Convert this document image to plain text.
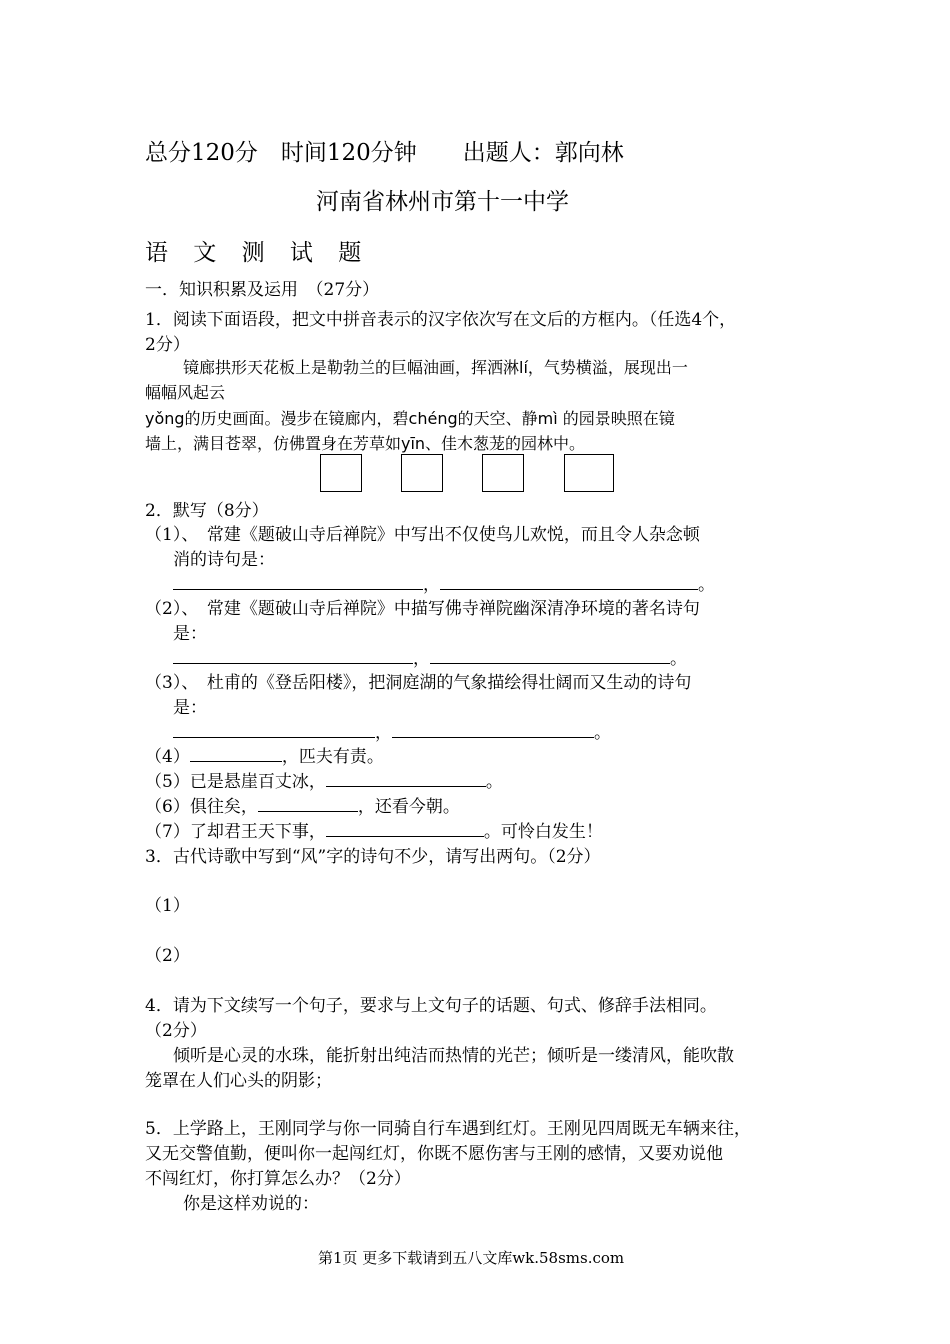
总分120分　时间120分钟　　出题人：郭向林
河南省林州市第十一中学
语 文 测 试 题
一．知识积累及运用　（27分）
1．阅读下面语段，把文中拼音表示的汉字依次写在文后的方框内。（任选4个，
2分）
镜廊拱形天花板上是勒勃兰的巨幅油画，挥洒淋lí，气势横溢，展现出一
幅幅风起云
yǒng的历史画面。漫步在镜廊内，碧chéng的天空、静mì 的园景映照在镜
墙上，满目苍翠，仿佛置身在芳草如yīn、佳木葱茏的园林中。
2．默写（8分）
（1）、　常建《题破山寺后禅院》中写出不仅使鸟儿欢悦，而且令人杂念顿
消的诗句是：
，	。
（2）、　常建《题破山寺后禅院》中描写佛寺禅院幽深清净环境的著名诗句
是：
，	。
（3）、　杜甫的《登岳阳楼》，把洞庭湖的气象描绘得壮阔而又生动的诗句
是：
，	。
（4）	，匹夫有责。
（5）已是悬崖百丈冰，	。
（6）俱往矣，	，还看今朝。
（7）了却君王天下事，	。可怜白发生！
3．古代诗歌中写到“风”字的诗句不少，请写出两句。（2分）
（1）
（2）
4．请为下文续写一个句子，要求与上文句子的话题、句式、修辞手法相同。
（2分）
倾听是心灵的水珠，能折射出纯洁而热情的光芒；倾听是一缕清风，能吹散
笼罩在人们心头的阴影；
5．上学路上，王刚同学与你一同骑自行车遇到红灯。王刚见四周既无车辆来往，
又无交警值勤，便叫你一起闯红灯，你既不愿伤害与王刚的感情，又要劝说他
不闯红灯，你打算怎么办？（2分）
你是这样劝说的：
第1页 更多下载请到五八文库wk.58sms.com
